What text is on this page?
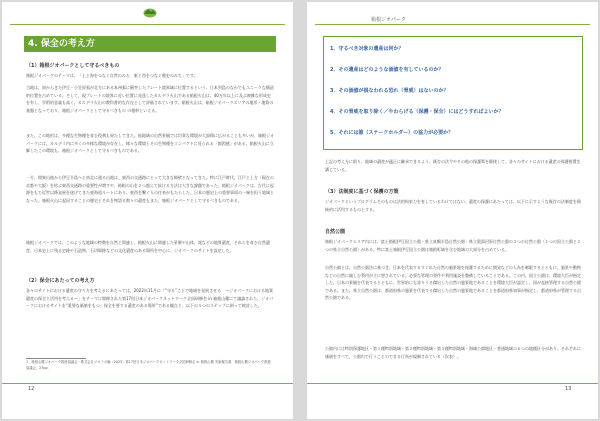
4. 保全の考え方
（1）箱根ジオパークとして守るべきもの
箱根ジオパークのテーマは、「土と海をつなぐ自然のみち　東と西をつなぐ歴史のみち」です。
当地は、南からきた伊豆・小笠原弧が北方にある本州弧に衝突したプレート境界域に位置するという、日本列島のなかでもユニークな構造的位置を占めている。そして、現プレートの境界に近い位置に発達したカルデラ火山である箱根火山は、40万年以上に及ぶ複雑な形成史を有し、学術的意義も高く、カルデラ火山の教科書的な存在として評価されています。箱根火山は、箱根ジオパークエリアの地形・地質の基盤となっており、箱根ジオパークとして守るべきもの の根幹といえる。
また、この地形は、多種な生物種を育む役割も果たしてきた。他地域の自然景観では均質な環境が大面積に広がることも多いが、箱根ジオパークには、カルデラ内に多くの多様な環境が存在し、様々な環境とその生物種をコンパクトに見られる「縮図感」がある。箱根火山に立脚したこの環境も、箱根ジオパークとして守るべきものである。
一方、関東山地から伊豆半島へと南北に通る山地は、東西の交通路にとって大きな障壁となってきた。特に江戸時代、江戸と上方（現在の京都や大阪）を結ぶ東西交通路の重要性が増すや、箱根の山を２つ越えて抜ける方法は大きな課題であった。箱根ジオパークは、古代に起源をもち近世以降発展を遂げてきた東海道ルートにあり、東西を繋ぐ人の往来がもたらした、日本の歴史上の重要事項の一端を担う地域となった。箱根火山に起因することの歴史とそれを物語る数々の遺産もまた、箱根ジオパークとして守るべきものである。
箱根ジオパークでは、このような地域の特徴を自然と関連し、箱根火山に関連した景勝や山体、滝などの地質遺産、それらを育む自然遺産、日本史上に残る史跡や石造物、石切場跡などの文化遺産のある場所を中心に、ジオパークのサイトを設定した。
（2）保全にあたっての考え方
各々のサイトにおける遺産の守り方を考えるにあたっては、2022年11月に「“守る”ことで地域を発展させる　〜ジオパークにおける地質遺産の保全と活用を考える〜」をテーマに開催された第17回日本ジオパークネットワーク全国研修会 in 箱根山麓にて議論された、ジオパークにおけるサイトを“重要な価値をもつ」保全を要する遺産のある場所”である観点と、以下の５つのステップに則って検討した。
1　箱根山麓ジオパーク推進協議会・株式会社ジオラボ編（2023）第17回日本ジオパークネットワーク全国研修会 in 箱根山麓 実施報告書．箱根山麓ジオパーク推進協議会，27pp．
12
箱根ジオパーク
1．守るべき対象の遺産は何か？
2．その遺産はどのような価値を有しているのか？
3．その価値が損なわれる恐れ（脅威）はないのか？
4．その脅威を取り除く／やわらげる（保護・保全）にはどうすればよいか？
5．それには誰（ステークホルダー）の協力が必要か？
上記の考え方に則り、地域の遺産が適正に継承できるよう、既存の法令やその他の保護策を駆使して、各々のサイトにおける遺産の保護措置を講じている。
（3）法制度に基づく保護の方策
ジオパークというプログラムそのものは法的拘束力を有しているわけではない、遺産の保護にあたっては、以下に示すような既存の法制度を積極的に活用するものとする。
自然公園
箱根ジオパークエリア内には、富士箱根伊豆国立公園・県立真鶴半島自然公園・県立奥湯河原自然公園の３つの自然公園（１つの国立公園と２つの県立自然公園）がある。特に富士箱根伊豆国立公園は箱根町域を含む地域の大部分を占めている。
自然公園とは、自然公園法に基づき、日本を代表するすぐれた自然の風景地を保護するために開発などの人為を制限するとともに、風景や動物などの自然に親しむ利用が主に想されている。必要な管理の要件や利用施設を整備していることである。この内、国立公園は、環境大臣が指定した、日本の景観を代表するとともに、世界的にも誇りうる傑出した自然の風景地であることを環境大臣が認定し、国が直接管理する自然公園である。また、県立自然公園は、都道府県の風景を代表する傑出した自然の風景地であることを都道府県知事が指定し、都道府県が管理する自然公園である。
公園内には特別保護地区・第１種特別地域・第２種特別地域・第３種特別地域・海域公園地区・普通地域の６つの地種区分があり、それぞれに価値をすべて、公園内で行うことのできる行為が規制されている（次表）。
13
